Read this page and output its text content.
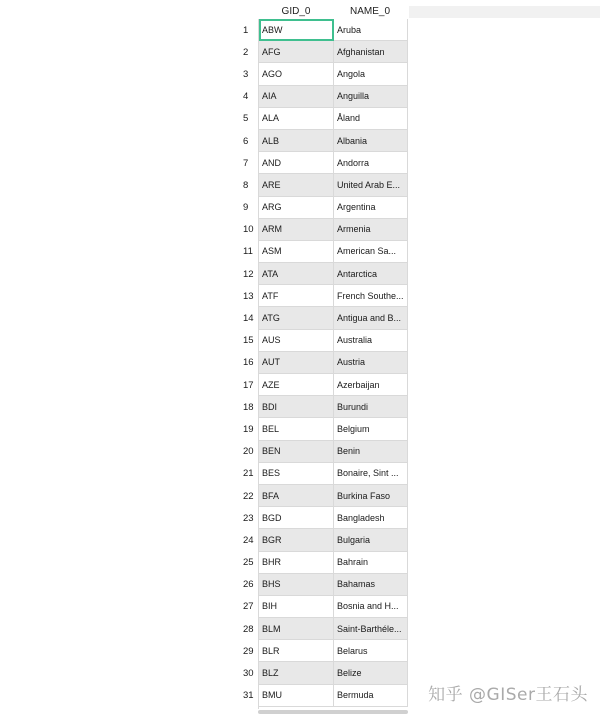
GID_0	NAME_0
1	ABW	Aruba
2	AFG	Afghanistan
3	AGO	Angola
4	AIA	Anguilla
5	ALA	Åland
6	ALB	Albania
7	AND	Andorra
8	ARE	United Arab E...
9	ARG	Argentina
10 ARM	Armenia
11	ASM	American Sa...
12 ATA	Antarctica
13 ATF	French Southe...
14 ATG	Antigua and B...
15 AUS	Australia
16 AUT	Austria
17 AZE	Azerbaijan
18 BDI	Burundi
19 BEL	Belgium
20 BEN	Benin
21 BES	Bonaire, Sint ...
22 BFA	Burkina Faso
23 BGD	Bangladesh
24 BGR	Bulgaria
25 BHR	Bahrain
26 BHS	Bahamas
27 BIH	Bosnia and H...
28 BLM	Saint-Barthéle...
29 BLR	Belarus
30 BLZ	Belize
31 BMU	Bermuda	知乎 @GISer王石头
